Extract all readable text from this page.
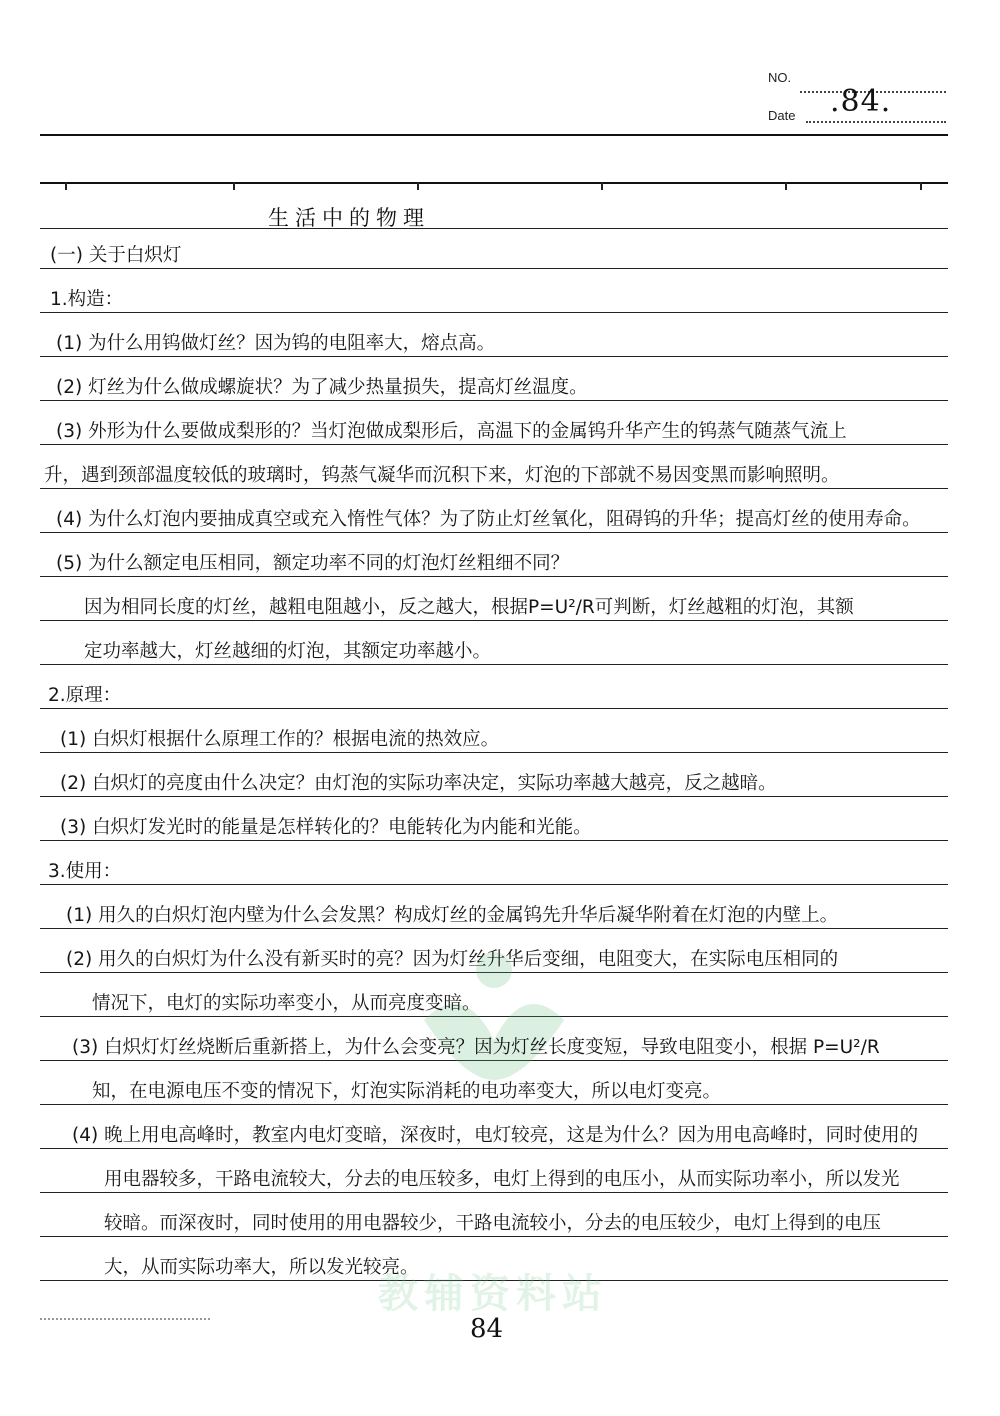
NO.
Date .84.
生活中的物理
(一) 关于白炽灯
1.构造：
(1) 为什么用钨做灯丝？因为钨的电阻率大，熔点高。
(2) 灯丝为什么做成螺旋状？为了减少热量损失，提高灯丝温度。
(3) 外形为什么要做成梨形的？当灯泡做成梨形后，高温下的金属钨升华产生的钨蒸气随蒸气流上
升，遇到颈部温度较低的玻璃时，钨蒸气凝华而沉积下来，灯泡的下部就不易因变黑而影响照明。
(4) 为什么灯泡内要抽成真空或充入惰性气体？为了防止灯丝氧化，阻碍钨的升华；提高灯丝的使用寿命。
(5) 为什么额定电压相同，额定功率不同的灯泡灯丝粗细不同？
因为相同长度的灯丝，越粗电阻越小，反之越大，根据P=U²/R可判断，灯丝越粗的灯泡，其额
定功率越大，灯丝越细的灯泡，其额定功率越小。
2.原理：
(1) 白炽灯根据什么原理工作的？根据电流的热效应。
(2) 白炽灯的亮度由什么决定？由灯泡的实际功率决定，实际功率越大越亮，反之越暗。
(3) 白炽灯发光时的能量是怎样转化的？电能转化为内能和光能。
3.使用：
(1) 用久的白炽灯泡内壁为什么会发黑？构成灯丝的金属钨先升华后凝华附着在灯泡的内壁上。
(2) 用久的白炽灯为什么没有新买时的亮？因为灯丝升华后变细，电阻变大，在实际电压相同的
情况下，电灯的实际功率变小，从而亮度变暗。
(3) 白炽灯灯丝烧断后重新搭上，为什么会变亮？因为灯丝长度变短，导致电阻变小，根据 P=U²/R
知，在电源电压不变的情况下，灯泡实际消耗的电功率变大，所以电灯变亮。
(4) 晚上用电高峰时，教室内电灯变暗，深夜时，电灯较亮，这是为什么？因为用电高峰时，同时使用的
用电器较多，干路电流较大，分去的电压较多，电灯上得到的电压小，从而实际功率小，所以发光
较暗。而深夜时，同时使用的用电器较少，干路电流较小，分去的电压较少，电灯上得到的电压
大，从而实际功率大，所以发光较亮。
教辅资料站
84
